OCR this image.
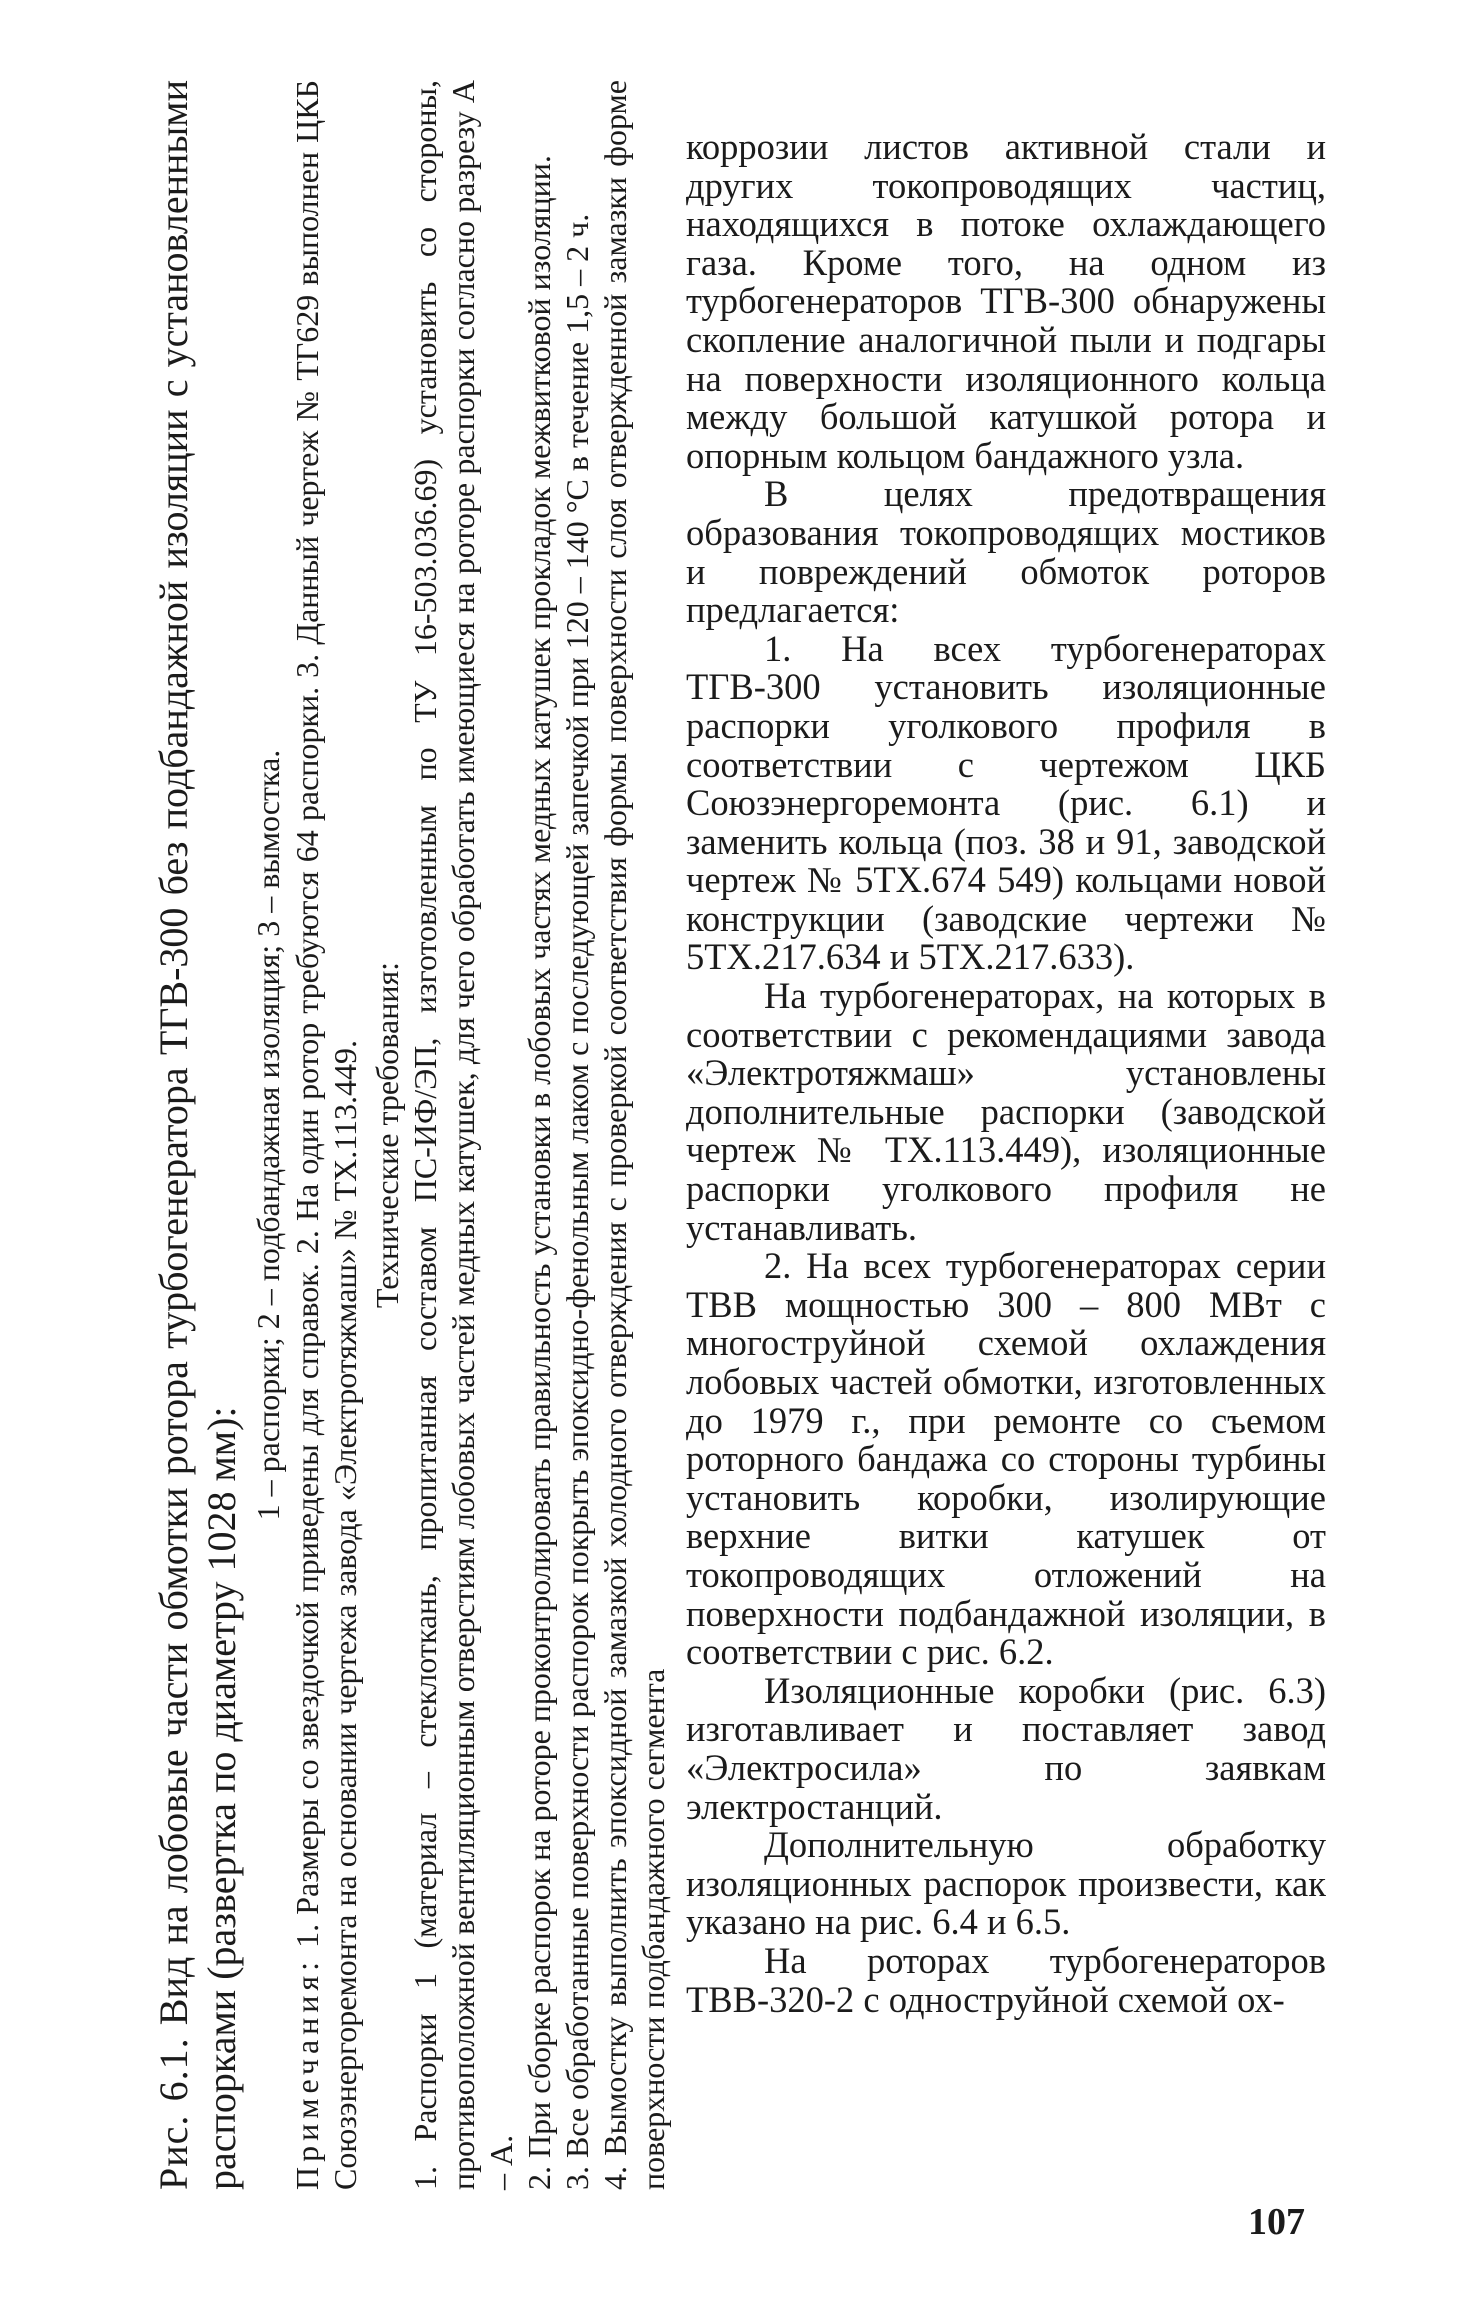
Рис. 6.1. Вид на лобовые части обмотки ротора турбогенератора ТГВ-300 без подбандажной изоляции с установленными распорками (развертка по диаметру 1028 мм):

1 – распорки; 2 – подбандажная изоляция; 3 – вымостка.

Примечания: 1. Размеры со звездочкой приведены для справок. 2. На один ротор требуются 64 распорки. 3. Данный чертеж № ТГ629 выполнен ЦКБ Союзэнергоремонта на основании чертежа завода «Электротяжмаш» № ТХ.113.449. Технические требования: 1. Распорки 1 (материал – стеклоткань, пропитанная составом ПС-ИФ/ЭП, изготовленным по ТУ 16-503.036.69) установить со стороны, противоположной вентиляционным отверстиям лобовых частей медных катушек, для чего обработать имеющиеся на роторе распорки согласно разрезу А – А. 2. При сборке распорок на роторе проконтролировать правильность установки в лобовых частях медных катушек прокладок межвитковой изоляции. 3. Все обработанные поверхности распорок покрыть эпоксидно-фенольным лаком с последующей запечкой при 120 – 140 °С в течение 1,5 – 2 ч. 4. Вымостку выполнить эпоксидной замазкой холодного отверждения с проверкой соответствия формы поверхности слоя отвержденной замазки форме поверхности подбандажного сегмента

коррозии листов активной стали и других токопроводящих частиц, находящихся в потоке охлаждающего газа. Кроме того, на одном из турбогенераторов ТГВ-300 обнаружены скопление аналогичной пыли и подгары на поверхности изоляционного кольца между большой катушкой ротора и опорным кольцом бандажного узла.

В целях предотвращения образования токопроводящих мостиков и повреждений обмоток роторов предлагается:

1. На всех турбогенераторах ТГВ-300 установить изоляционные распорки уголкового профиля в соответствии с чертежом ЦКБ Союзэнергоремонта (рис. 6.1) и заменить кольца (поз. 38 и 91, заводской чертеж № 5ТХ.674 549) кольцами новой конструкции (заводские чертежи № 5ТХ.217.634 и 5ТХ.217.633).

На турбогенераторах, на которых в соответствии с рекомендациями завода «Электротяжмаш» установлены дополнительные распорки (заводской чертеж № ТХ.113.449), изоляционные распорки уголкового профиля не устанавливать.

2. На всех турбогенераторах серии ТВВ мощностью 300 – 800 МВт с многоструйной схемой охлаждения лобовых частей обмотки, изготовленных до 1979 г., при ремонте со съемом роторного бандажа со стороны турбины установить коробки, изолирующие верхние витки катушек от токопроводящих отложений на поверхности подбандажной изоляции, в соответствии с рис. 6.2.

Изоляционные коробки (рис. 6.3) изготавливает и поставляет завод «Электросила» по заявкам электростанций.

Дополнительную обработку изоляционных распорок произвести, как указано на рис. 6.4 и 6.5.

На роторах турбогенераторов ТВВ-320-2 с одноструйной схемой ох-

107
